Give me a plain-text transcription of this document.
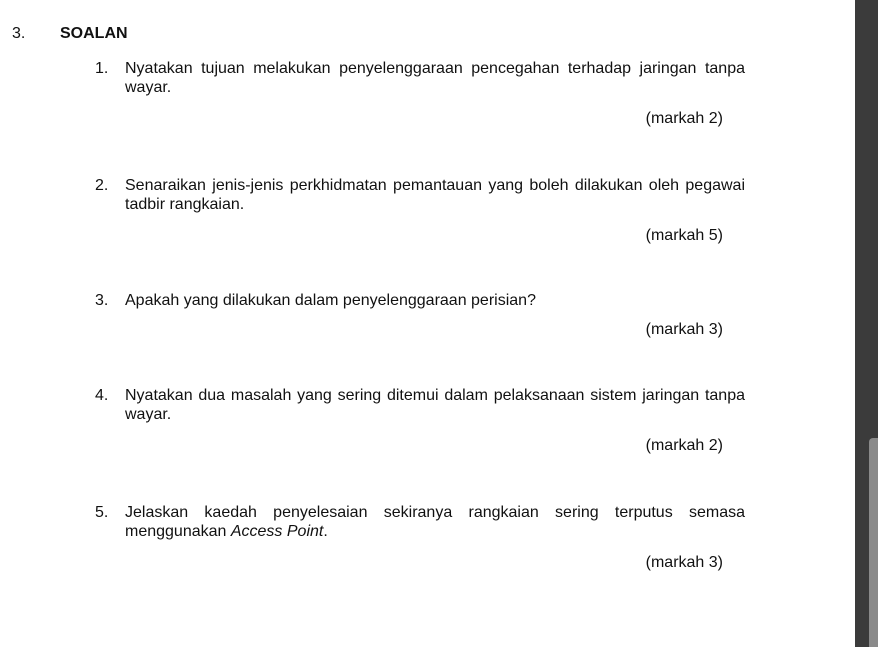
3. SOALAN
1.	Nyatakan tujuan melakukan penyelenggaraan pencegahan terhadap jaringan tanpa wayar.
(markah 2)
2.	Senaraikan jenis-jenis perkhidmatan pemantauan yang boleh dilakukan oleh pegawai tadbir rangkaian.
(markah 5)
3.	Apakah yang dilakukan dalam penyelenggaraan perisian?
(markah 3)
4.	Nyatakan dua masalah yang sering ditemui dalam pelaksanaan sistem jaringan tanpa wayar.
(markah 2)
5.	Jelaskan kaedah penyelesaian sekiranya rangkaian sering terputus semasa menggunakan Access Point.
(markah 3)
